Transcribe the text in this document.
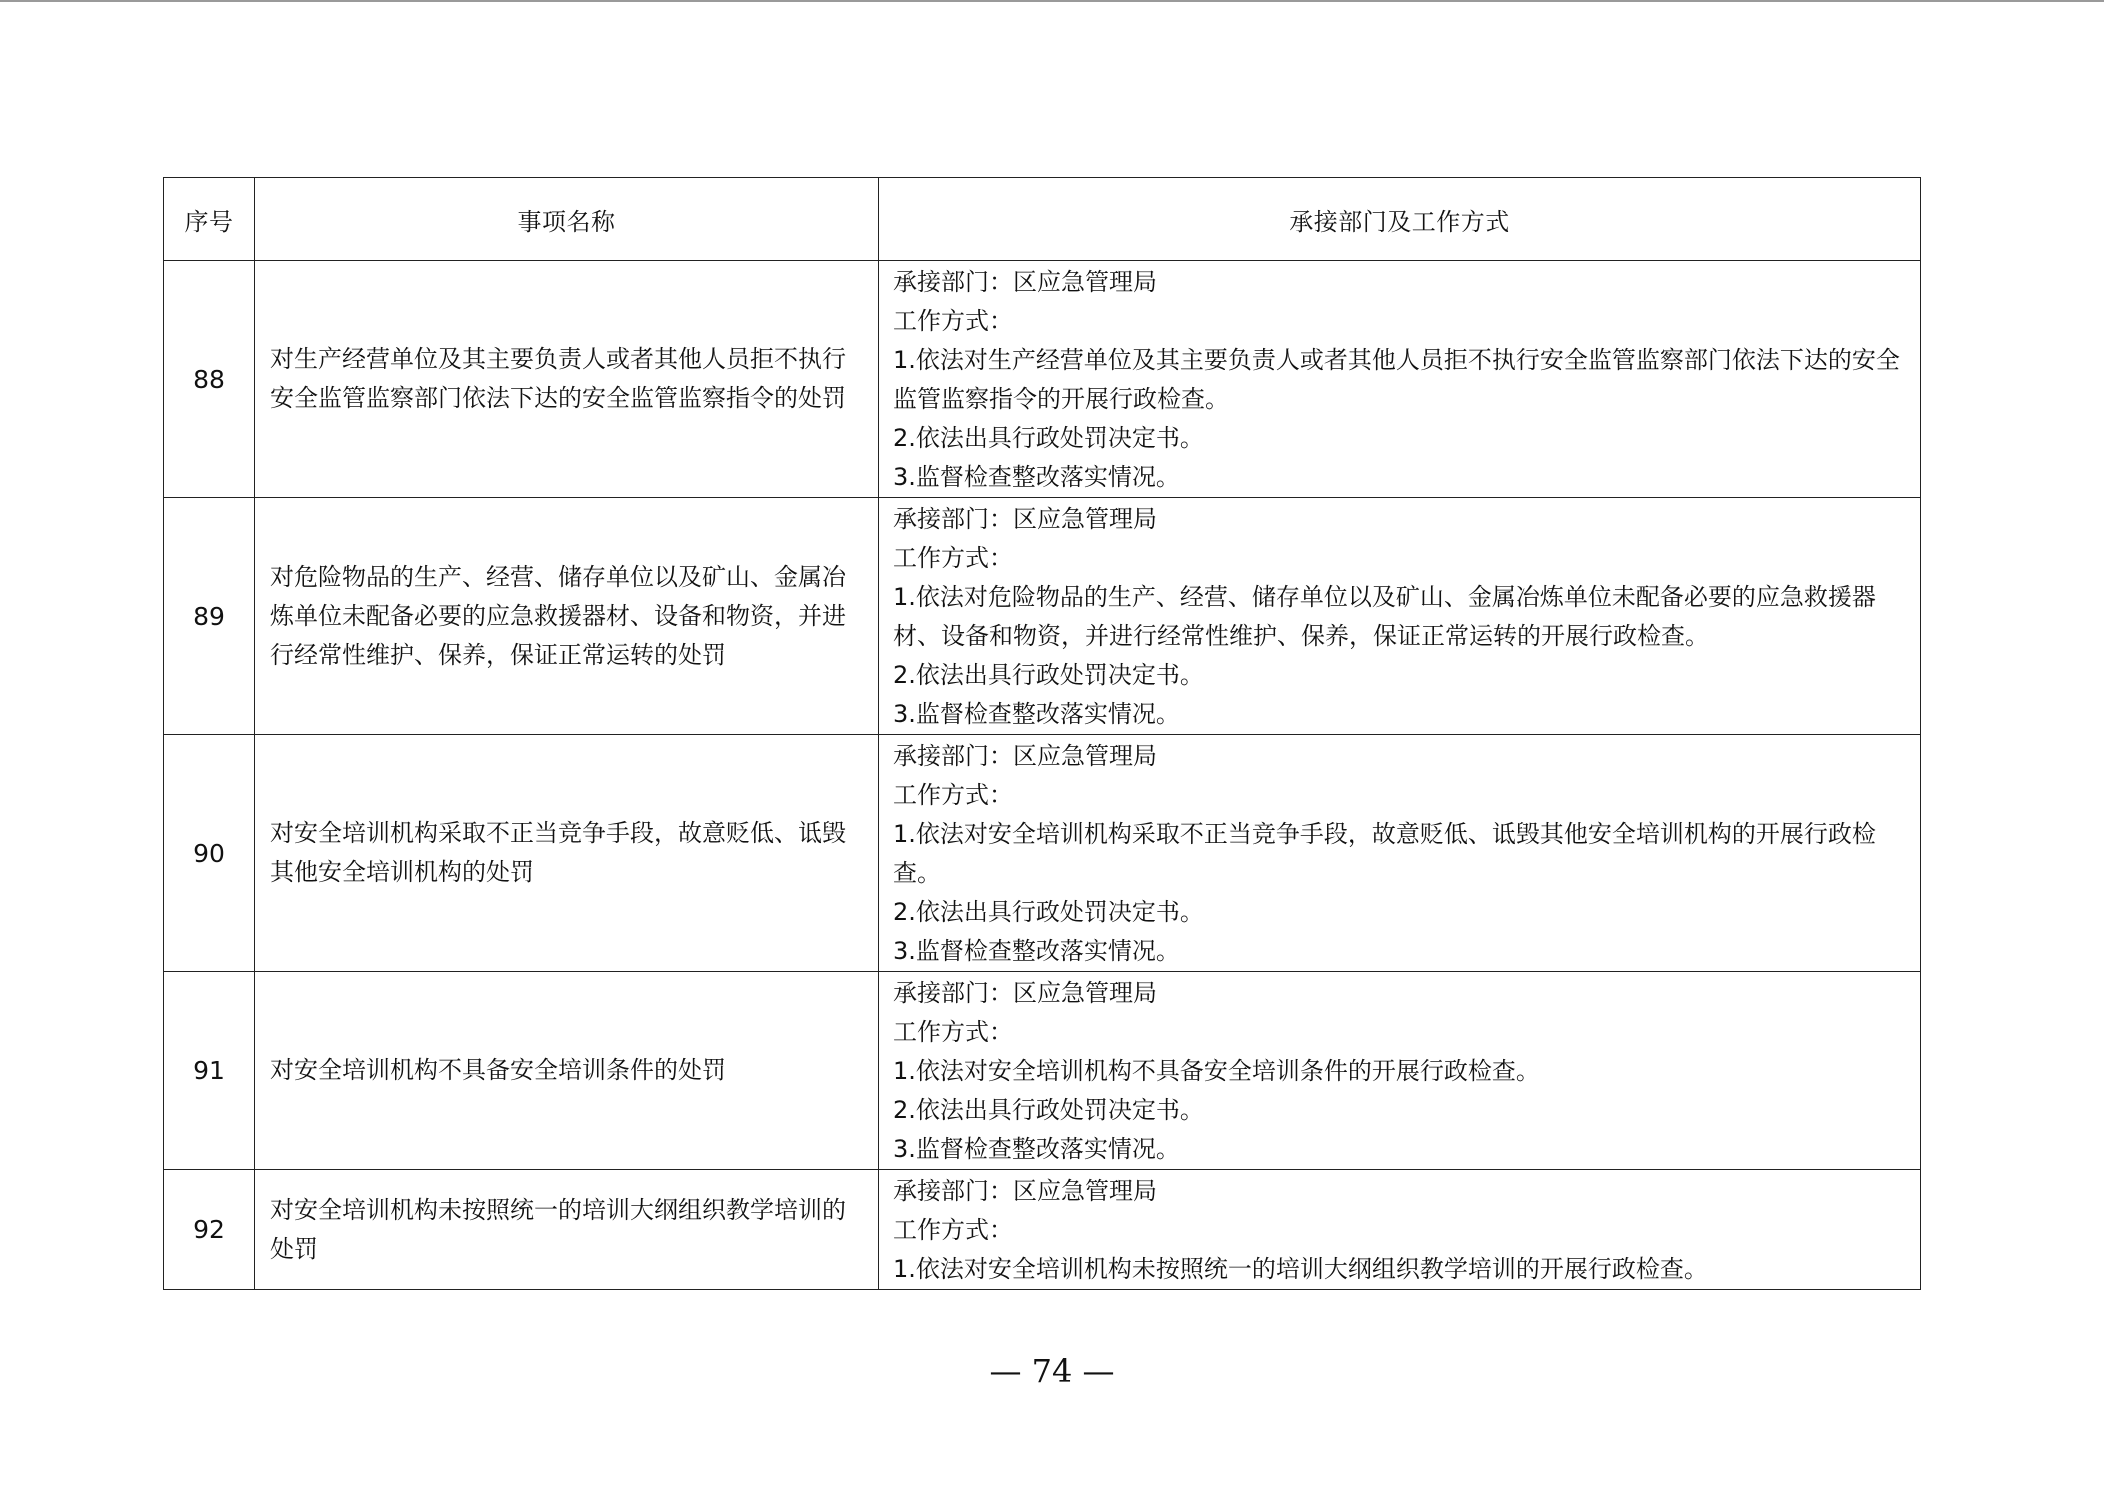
序号	事项名称	承接部门及工作方式
88	对生产经营单位及其主要负责人或者其他人员拒不执行安全监管监察部门依法下达的安全监管监察指令的处罚	承接部门：区应急管理局
工作方式：
1.依法对生产经营单位及其主要负责人或者其他人员拒不执行安全监管监察部门依法下达的安全监管监察指令的开展行政检查。
2.依法出具行政处罚决定书。
3.监督检查整改落实情况。

89	对危险物品的生产、经营、储存单位以及矿山、金属冶炼单位未配备必要的应急救援器材、设备和物资，并进行经常性维护、保养，保证正常运转的处罚	承接部门：区应急管理局
工作方式：
1.依法对危险物品的生产、经营、储存单位以及矿山、金属冶炼单位未配备必要的应急救援器材、设备和物资，并进行经常性维护、保养，保证正常运转的开展行政检查。
2.依法出具行政处罚决定书。
3.监督检查整改落实情况。

90	对安全培训机构采取不正当竞争手段，故意贬低、诋毁其他安全培训机构的处罚	承接部门：区应急管理局
工作方式：
1.依法对安全培训机构采取不正当竞争手段，故意贬低、诋毁其他安全培训机构的开展行政检查。
2.依法出具行政处罚决定书。
3.监督检查整改落实情况。

91	对安全培训机构不具备安全培训条件的处罚	承接部门：区应急管理局
工作方式：
1.依法对安全培训机构不具备安全培训条件的开展行政检查。
2.依法出具行政处罚决定书。
3.监督检查整改落实情况。

92	对安全培训机构未按照统一的培训大纲组织教学培训的处罚	承接部门：区应急管理局
工作方式：
1.依法对安全培训机构未按照统一的培训大纲组织教学培训的开展行政检查。
— 74 —
